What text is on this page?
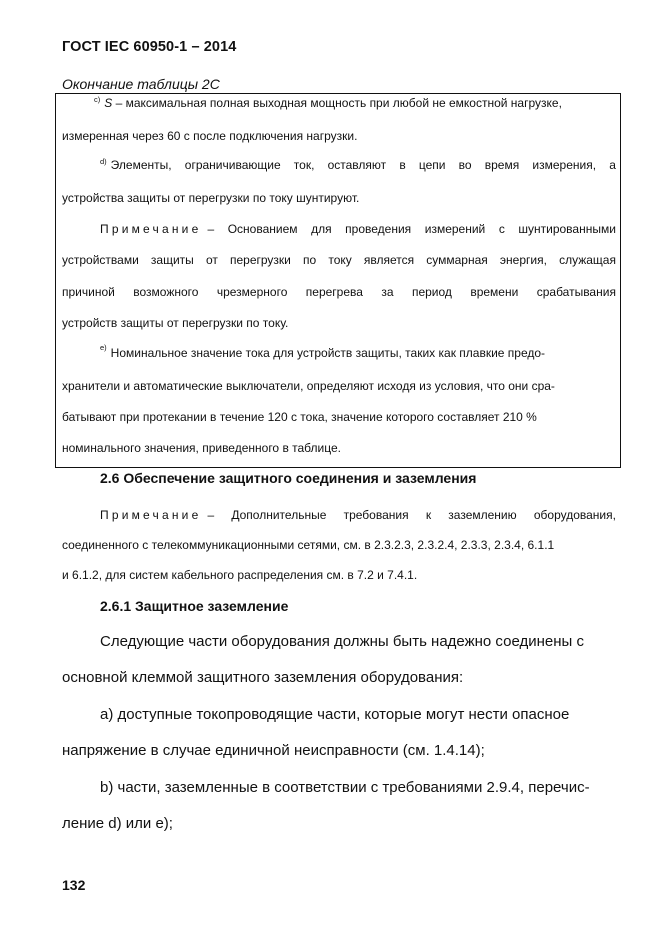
ГОСТ IEC 60950-1 – 2014
Окончание таблицы 2С
$^{c)}$ S – максимальная полная выходная мощность при любой не емкостной нагрузке,
измеренная через 60 с после подключения нагрузки.
$^{d)}$ Элементы, ограничивающие ток, оставляют в цепи во время измерения, а
устройства защиты от перегрузки по току шунтируют.
Примечание – Основанием для проведения измерений с шунтированными
устройствами защиты от перегрузки по току является суммарная энергия, служащая
причиной возможного чрезмерного перегрева за период времени срабатывания
устройств защиты от перегрузки по току.
e) Номинальное значение тока для устройств защиты, таких как плавкие предо-
хранители и автоматические выключатели, определяют исходя из условия, что они сра-
батывают при протекании в течение 120 с тока, значение которого составляет 210 %
номинального значения, приведенного в таблице.
2.6 Обеспечение защитного соединения и заземления
Примечание – Дополнительные требования к заземлению оборудования,
соединенного с телекоммуникационными сетями, см. в 2.3.2.3, 2.3.2.4, 2.3.3, 2.3.4, 6.1.1
и 6.1.2, для систем кабельного распределения см. в 7.2 и 7.4.1.
2.6.1 Защитное заземление
Следующие части оборудования должны быть надежно соединены с
основной клеммой защитного заземления оборудования:
a) доступные токопроводящие части, которые могут нести опасное
напряжение в случае единичной неисправности (см. 1.4.14);
b) части, заземленные в соответствии с требованиями 2.9.4, перечис-
ление d) или e);
132
